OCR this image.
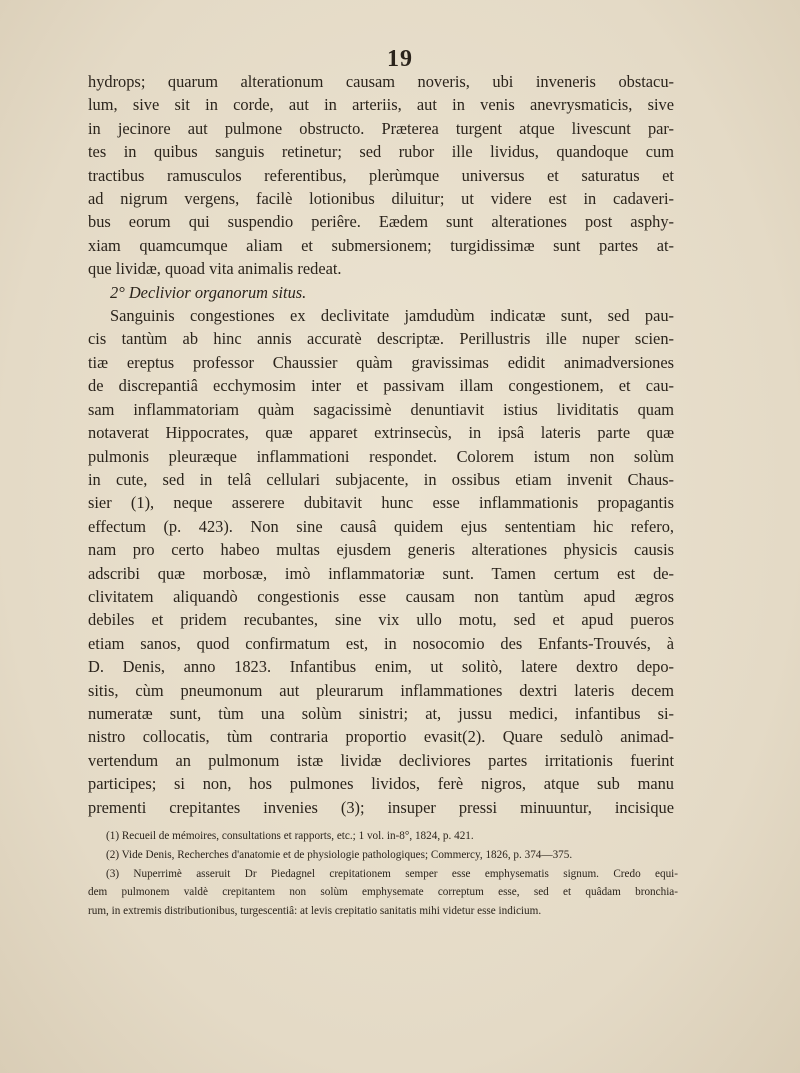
19
hydrops; quarum alterationum causam noveris, ubi inveneris obstacu-
lum, sive sit in corde, aut in arteriis, aut in venis anevrysmaticis, sive
in jecinore aut pulmone obstructo. Præterea turgent atque livescunt par-
tes in quibus sanguis retinetur; sed rubor ille lividus, quandoque cum
tractibus ramusculos referentibus, plerùmque universus et saturatus et
ad nigrum vergens, facilè lotionibus diluitur; ut videre est in cadaveri-
bus eorum qui suspendio periêre. Eædem sunt alterationes post asphy-
xiam quamcumque aliam et submersionem; turgidissimæ sunt partes at-
que lividæ, quoad vita animalis redeat.
2° Declivior organorum situs.
Sanguinis congestiones ex declivitate jamdudùm indicatæ sunt, sed pau-
cis tantùm ab hinc annis accuratè descriptæ. Perillustris ille nuper scien-
tiæ ereptus professor Chaussier quàm gravissimas edidit animadversiones
de discrepantiâ ecchymosim inter et passivam illam congestionem, et cau-
sam inflammatoriam quàm sagacissimè denuntiavit istius lividitatis quam
notaverat Hippocrates, quæ apparet extrinsecùs, in ipsâ lateris parte quæ
pulmonis pleuræque inflammationi respondet. Colorem istum non solùm
in cute, sed in telâ cellulari subjacente, in ossibus etiam invenit Chaus-
sier (1), neque asserere dubitavit hunc esse inflammationis propagantis
effectum (p. 423). Non sine causâ quidem ejus sententiam hic refero,
nam pro certo habeo multas ejusdem generis alterationes physicis causis
adscribi quæ morbosæ, imò inflammatoriæ sunt. Tamen certum est de-
clivitatem aliquandò congestionis esse causam non tantùm apud ægros
debiles et pridem recubantes, sine vix ullo motu, sed et apud pueros
etiam sanos, quod confirmatum est, in nosocomio des Enfants-Trouvés, à
D. Denis, anno 1823. Infantibus enim, ut solitò, latere dextro depo-
sitis, cùm pneumonum aut pleurarum inflammationes dextri lateris decem
numeratæ sunt, tùm una solùm sinistri; at, jussu medici, infantibus si-
nistro collocatis, tùm contraria proportio evasit(2). Quare sedulò animad-
vertendum an pulmonum istæ lividæ decliviores partes irritationis fuerint
participes; si non, hos pulmones lividos, ferè nigros, atque sub manu
prementi crepitantes invenies (3); insuper pressi minuuntur, incisique
(1) Recueil de mémoires, consultations et rapports, etc.; 1 vol. in-8°, 1824, p. 421.
(2) Vide Denis, Recherches d'anatomie et de physiologie pathologiques; Commercy, 1826, p. 374—375.
(3) Nuperrimè asseruit Dr Piedagnel crepitationem semper esse emphysematis signum. Credo equi-
dem pulmonem valdè crepitantem non solùm emphysemate correptum esse, sed et quâdam bronchia-
rum, in extremis distributionibus, turgescentiâ: at levis crepitatio sanitatis mihi videtur esse indicium.
